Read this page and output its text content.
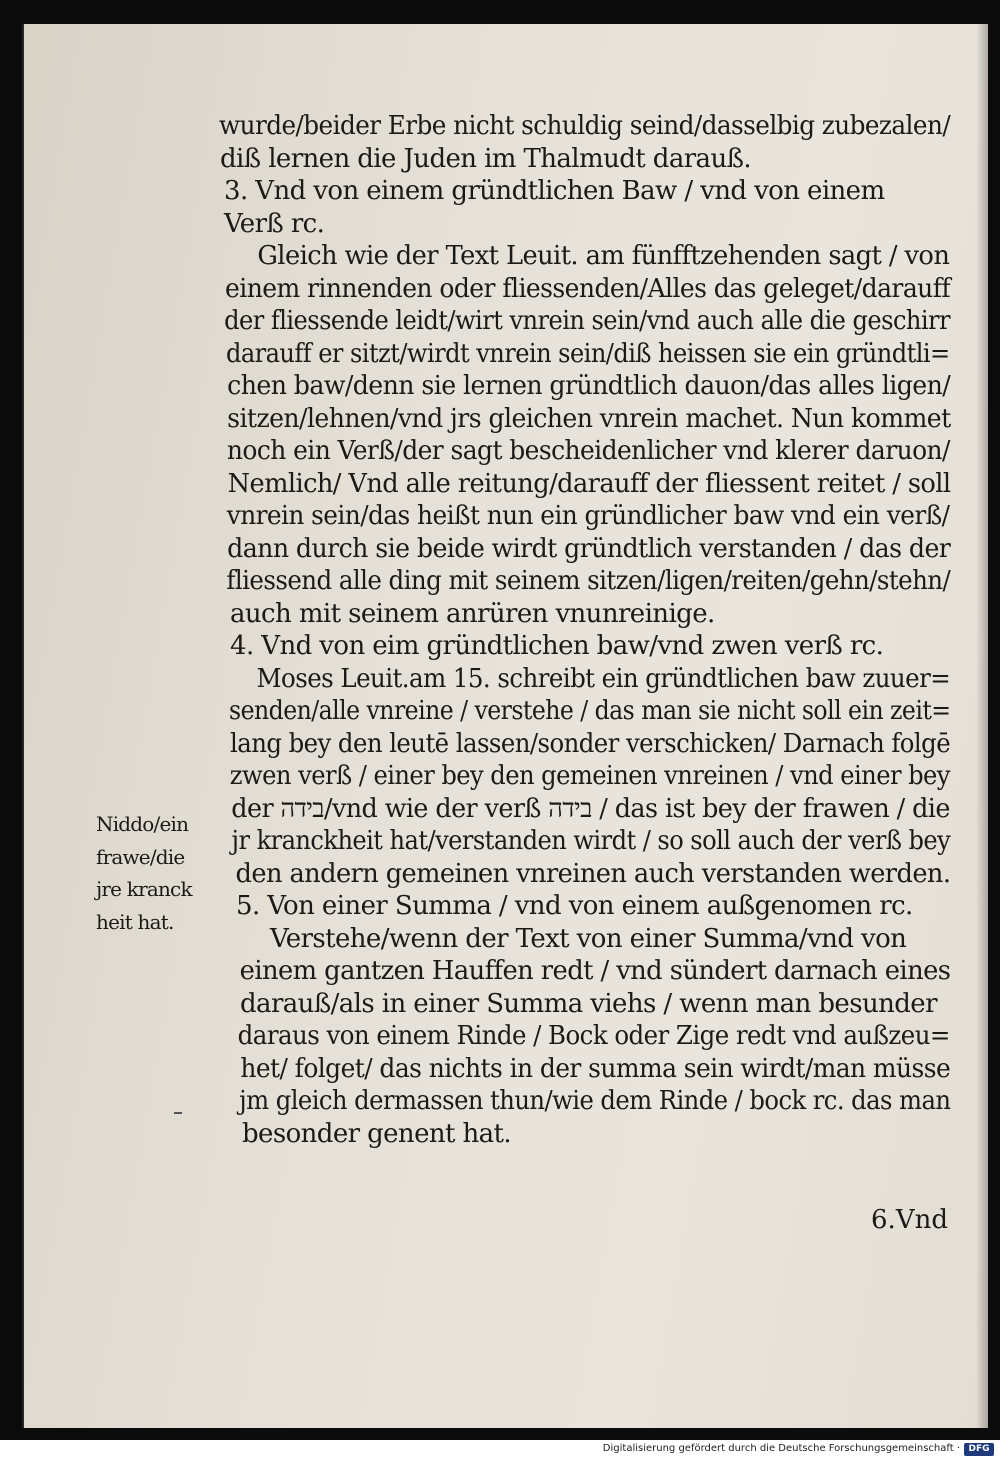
wurde/beider Erbe nicht schuldig seind/dasselbig zubezalen/
diß lernen die Juden im Thalmudt darauß.
3. Vnd von einem gründtlichen Baw / vnd von einem
Verß rc.
Gleich wie der Text Leuit. am fünfftzehenden sagt / von
einem rinnenden oder fliessenden/Alles das geleget/darauff
der fliessende leidt/wirt vnrein sein/vnd auch alle die geschirr
darauff er sitzt/wirdt vnrein sein/diß heissen sie ein gründtli=
chen baw/denn sie lernen gründtlich dauon/das alles ligen/
sitzen/lehnen/vnd jrs gleichen vnrein machet. Nun kommet
noch ein Verß/der sagt bescheidenlicher vnd klerer daruon/
Nemlich/ Vnd alle reitung/darauff der fliessent reitet / soll
vnrein sein/das heißt nun ein gründlicher baw vnd ein verß/
dann durch sie beide wirdt gründtlich verstanden / das der
fliessend alle ding mit seinem sitzen/ligen/reiten/gehn/stehn/
auch mit seinem anrüren vnunreinige.
4. Vnd von eim gründtlichen baw/vnd zwen verß rc.
Moses Leuit.am 15. schreibt ein gründtlichen baw zuuer=
senden/alle vnreine / verstehe / das man sie nicht soll ein zeit=
lang bey den leutē lassen/sonder verschicken/ Darnach folgē
zwen verß / einer bey den gemeinen vnreinen / vnd einer bey
der בידה/vnd wie der verß בידה / das ist bey der frawen / die
jr kranckheit hat/verstanden wirdt / so soll auch der verß bey
den andern gemeinen vnreinen auch verstanden werden.
5. Von einer Summa / vnd von einem außgenomen rc.
Verstehe/wenn der Text von einer Summa/vnd von
einem gantzen Hauffen redt / vnd sündert darnach eines
darauß/als in einer Summa viehs / wenn man besunder
daraus von einem Rinde / Bock oder Zige redt vnd außzeu=
het/ folget/ das nichts in der summa sein wirdt/man müsse
jm gleich dermassen thun/wie dem Rinde / bock rc. das man
besonder genent hat.
Niddo/ein
frawe/die
jre kranck
heit hat.
6.Vnd
Digitalisierung gefördert durch die Deutsche Forschungsgemeinschaft · DFG
